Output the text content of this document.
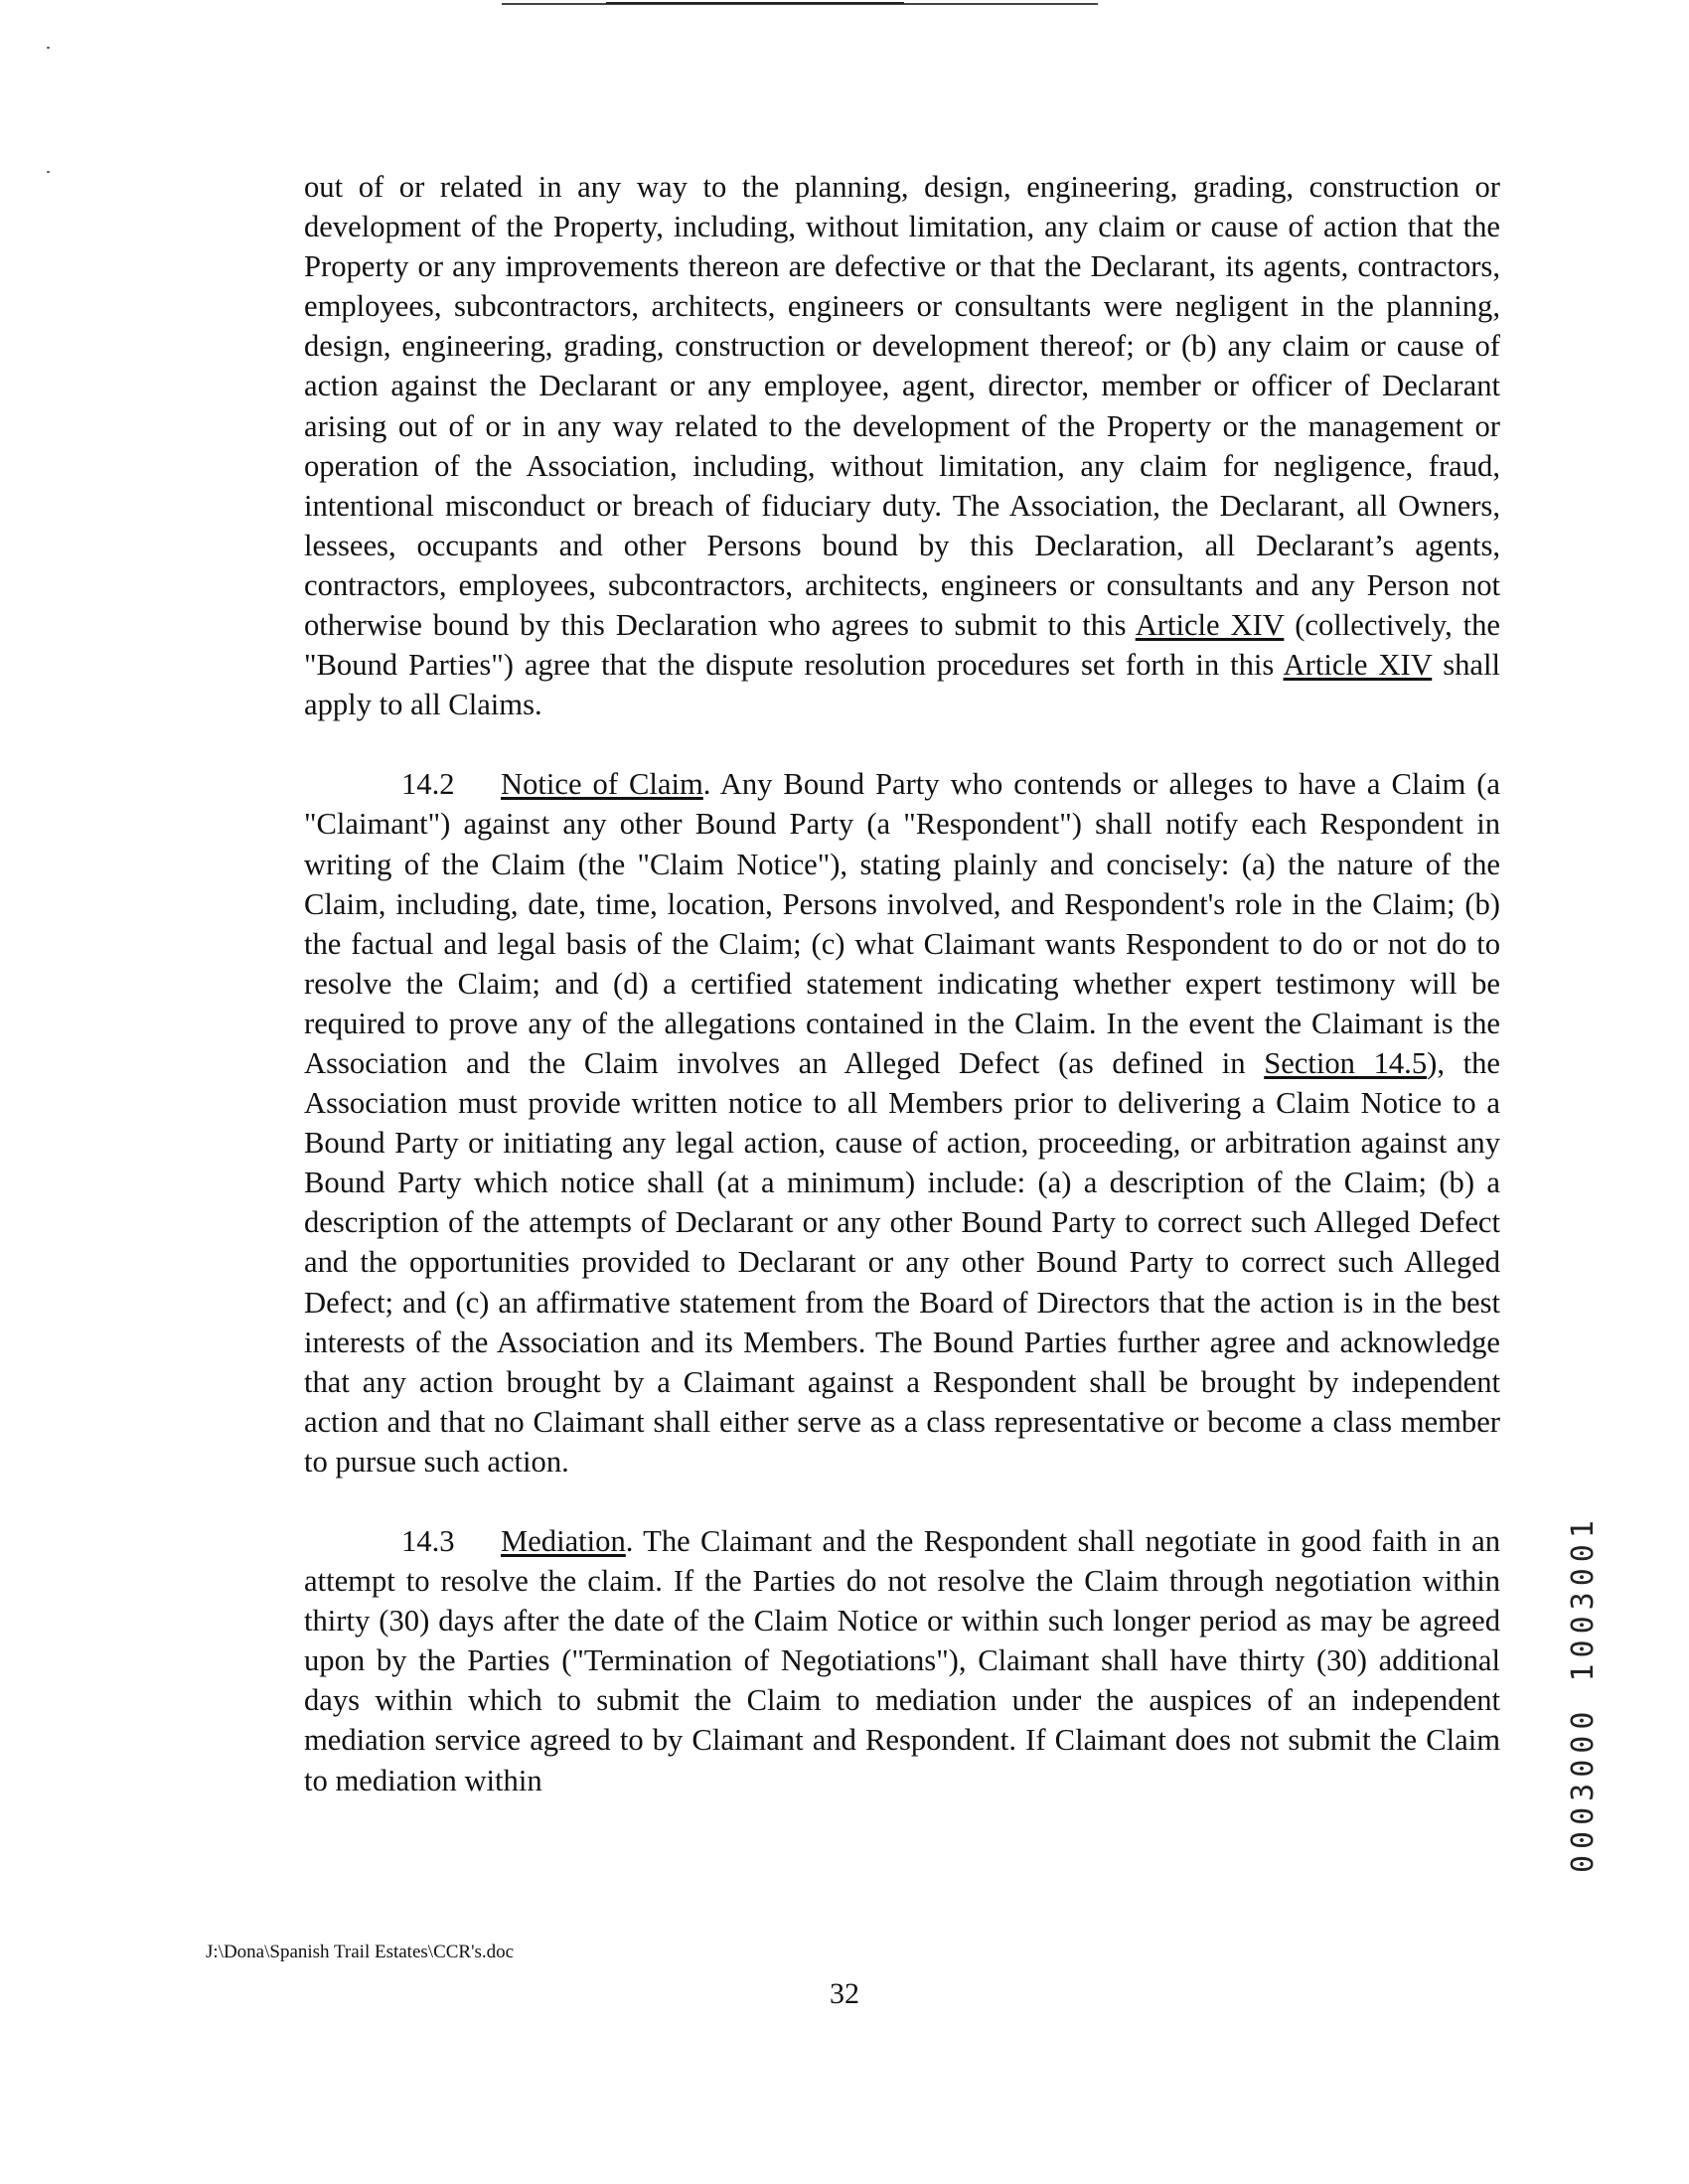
out of or related in any way to the planning, design, engineering, grading, construction or development of the Property, including, without limitation, any claim or cause of action that the Property or any improvements thereon are defective or that the Declarant, its agents, contractors, employees, subcontractors, architects, engineers or consultants were negligent in the planning, design, engineering, grading, construction or development thereof; or (b) any claim or cause of action against the Declarant or any employee, agent, director, member or officer of Declarant arising out of or in any way related to the development of the Property or the management or operation of the Association, including, without limitation, any claim for negligence, fraud, intentional misconduct or breach of fiduciary duty. The Association, the Declarant, all Owners, lessees, occupants and other Persons bound by this Declaration, all Declarant’s agents, contractors, employees, subcontractors, architects, engineers or consultants and any Person not otherwise bound by this Declaration who agrees to submit to this Article XIV (collectively, the "Bound Parties") agree that the dispute resolution procedures set forth in this Article XIV shall apply to all Claims.

14.2 Notice of Claim. Any Bound Party who contends or alleges to have a Claim (a "Claimant") against any other Bound Party (a "Respondent") shall notify each Respondent in writing of the Claim (the "Claim Notice"), stating plainly and concisely: (a) the nature of the Claim, including, date, time, location, Persons involved, and Respondent's role in the Claim; (b) the factual and legal basis of the Claim; (c) what Claimant wants Respondent to do or not do to resolve the Claim; and (d) a certified statement indicating whether expert testimony will be required to prove any of the allegations contained in the Claim. In the event the Claimant is the Association and the Claim involves an Alleged Defect (as defined in Section 14.5), the Association must provide written notice to all Members prior to delivering a Claim Notice to a Bound Party or initiating any legal action, cause of action, proceeding, or arbitration against any Bound Party which notice shall (at a minimum) include: (a) a description of the Claim; (b) a description of the attempts of Declarant or any other Bound Party to correct such Alleged Defect and the opportunities provided to Declarant or any other Bound Party to correct such Alleged Defect; and (c) an affirmative statement from the Board of Directors that the action is in the best interests of the Association and its Members. The Bound Parties further agree and acknowledge that any action brought by a Claimant against a Respondent shall be brought by independent action and that no Claimant shall either serve as a class representative or become a class member to pursue such action.

14.3 Mediation. The Claimant and the Respondent shall negotiate in good faith in an attempt to resolve the claim. If the Parties do not resolve the Claim through negotiation within thirty (30) days after the date of the Claim Notice or within such longer period as may be agreed upon by the Parties ("Termination of Negotiations"), Claimant shall have thirty (30) additional days within which to submit the Claim to mediation under the auspices of an independent mediation service agreed to by Claimant and Respondent. If Claimant does not submit the Claim to mediation within

J:\Dona\Spanish Trail Estates\CCR's.doc
32
0003000 1003001
